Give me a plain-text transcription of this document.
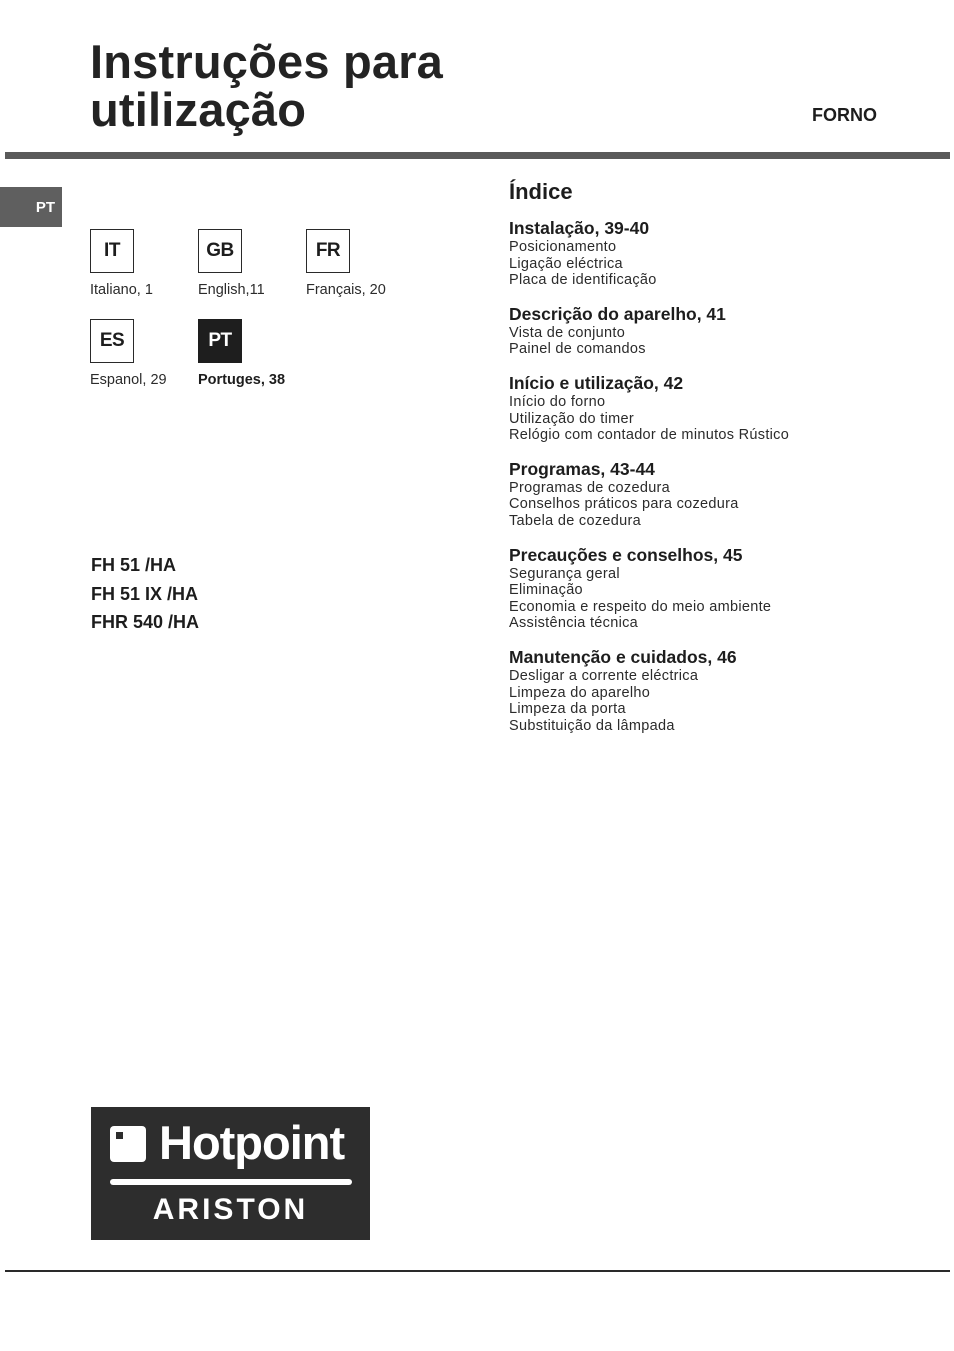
Instruções para
utilização	FORNO
PT
IT
Italiano, 1
GB
English,11
FR
Français, 20
ES
Espanol, 29
PT
Portuges, 38
FH 51 /HA
FH 51 IX /HA
FHR 540 /HA
Índice
Instalação, 39-40
Posicionamento
Ligação eléctrica
Placa de identificação
Descrição do aparelho, 41
Vista de conjunto
Painel de comandos
Início e utilização, 42
Início do forno
Utilização do timer
Relógio com contador de minutos Rústico
Programas, 43-44
Programas de cozedura
Conselhos práticos para cozedura
Tabela de cozedura
Precauções e conselhos, 45
Segurança geral
Eliminação
Economia e respeito do meio ambiente
Assistência técnica
Manutenção e cuidados, 46
Desligar a corrente eléctrica
Limpeza do aparelho
Limpeza da porta
Substituição da lâmpada
Hotpoint
ARISTON
